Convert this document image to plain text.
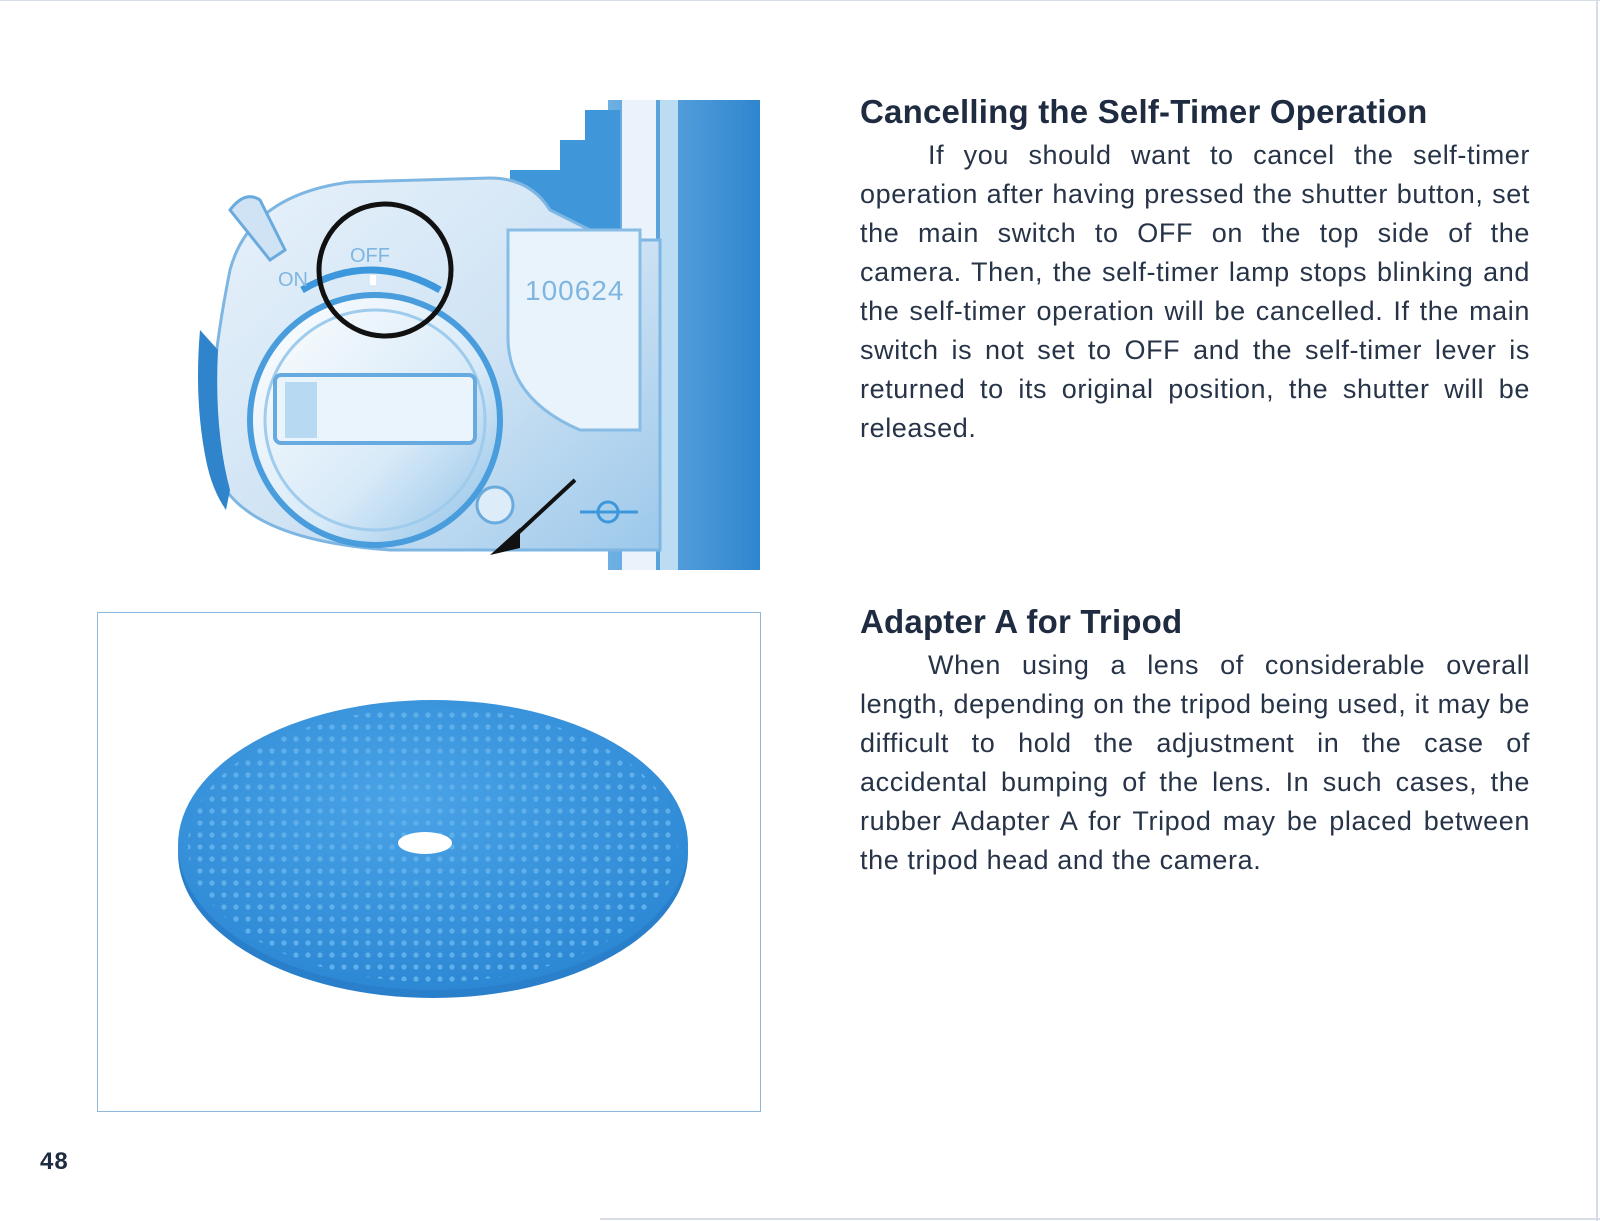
100624
ON
OFF
Cancelling the Self-Timer Operation

If you should want to cancel the self-timer operation after having pressed the shutter button, set the main switch to OFF on the top side of the camera. Then, the self-timer lamp stops blinking and the self-timer operation will be cancelled. If the main switch is not set to OFF and the self-timer lever is returned to its original position, the shutter will be released.

Adapter A for Tripod

When using a lens of considerable overall length, depending on the tripod being used, it may be difficult to hold the adjustment in the case of accidental bumping of the lens. In such cases, the rubber Adapter A for Tripod may be placed between the tripod head and the camera.

48
